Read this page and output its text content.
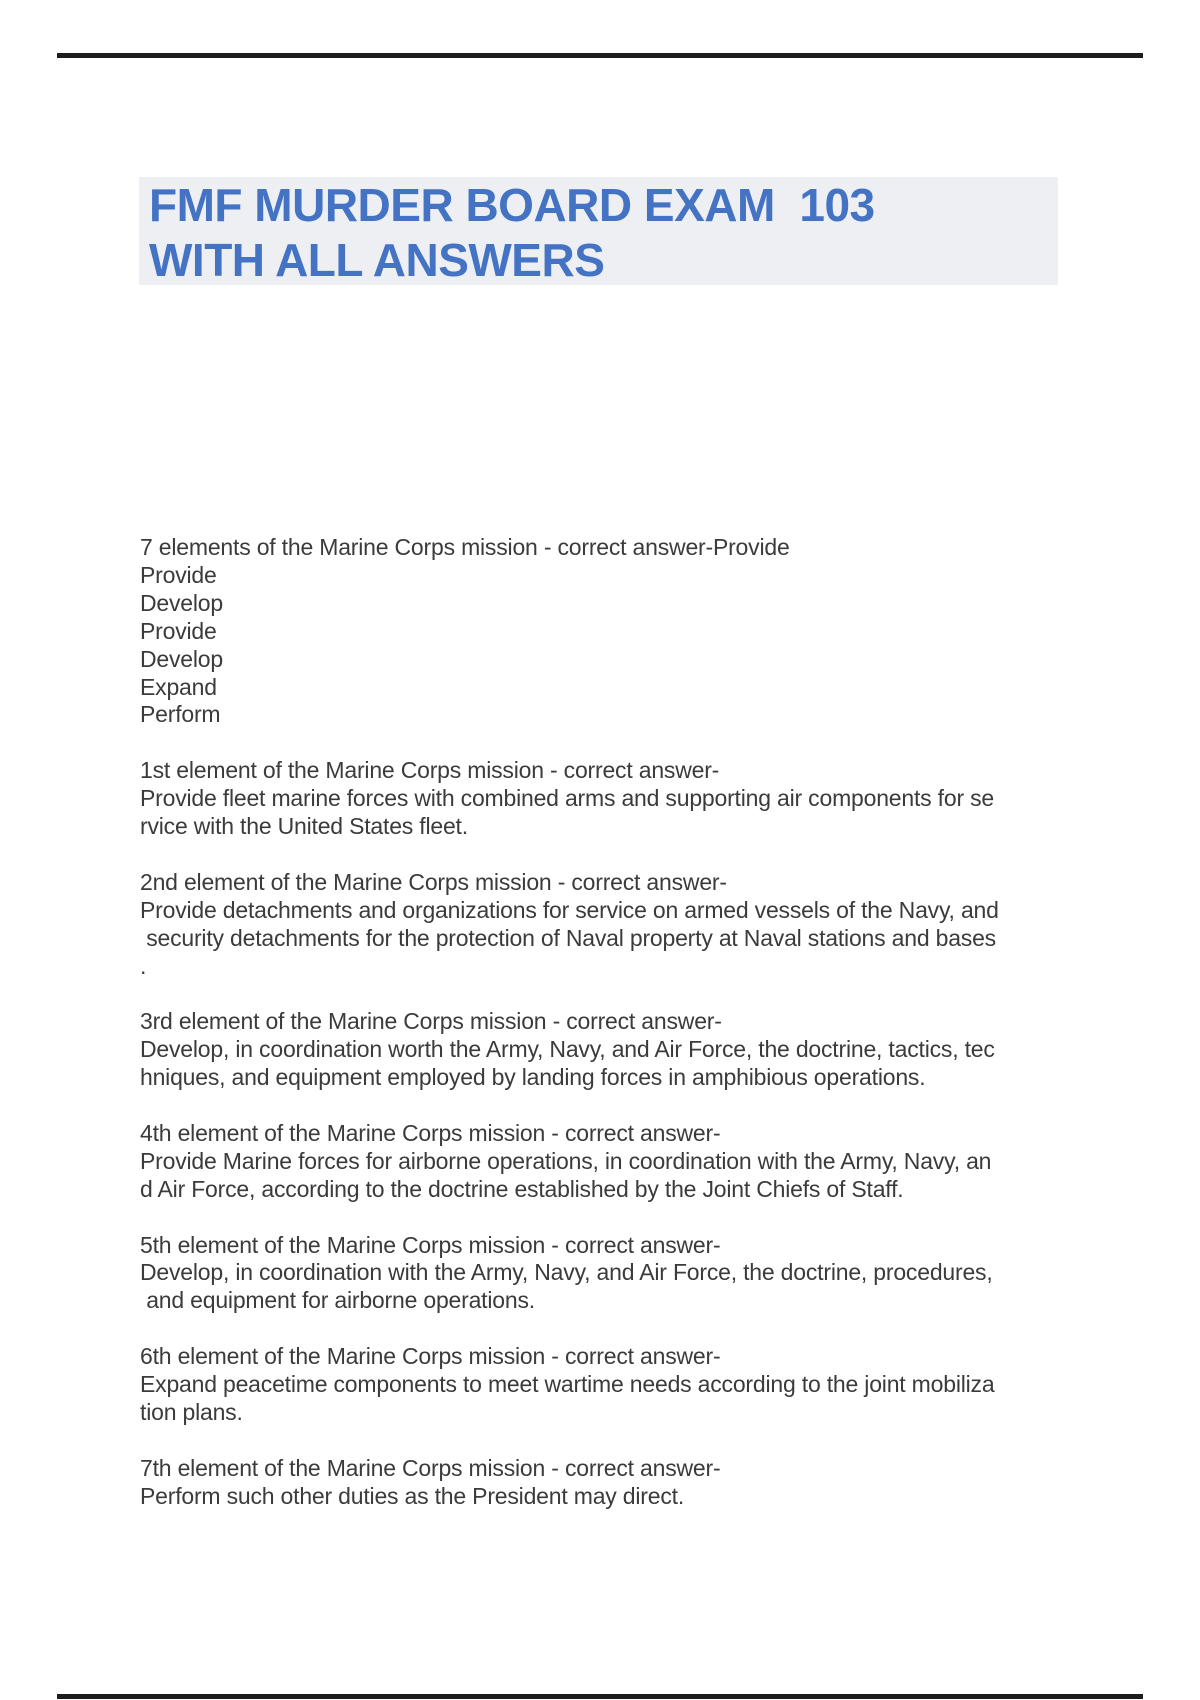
FMF MURDER BOARD EXAM  103
WITH ALL ANSWERS
7 elements of the Marine Corps mission - correct answer-Provide
Provide
Develop
Provide
Develop
Expand
Perform
1st element of the Marine Corps mission - correct answer-
Provide fleet marine forces with combined arms and supporting air components for se
rvice with the United States fleet.
2nd element of the Marine Corps mission - correct answer-
Provide detachments and organizations for service on armed vessels of the Navy, and
security detachments for the protection of Naval property at Naval stations and bases
.
3rd element of the Marine Corps mission - correct answer-
Develop, in coordination worth the Army, Navy, and Air Force, the doctrine, tactics, tec
hniques, and equipment employed by landing forces in amphibious operations.
4th element of the Marine Corps mission - correct answer-
Provide Marine forces for airborne operations, in coordination with the Army, Navy, an
d Air Force, according to the doctrine established by the Joint Chiefs of Staff.
5th element of the Marine Corps mission - correct answer-
Develop, in coordination with the Army, Navy, and Air Force, the doctrine, procedures,
and equipment for airborne operations.
6th element of the Marine Corps mission - correct answer-
Expand peacetime components to meet wartime needs according to the joint mobiliza
tion plans.
7th element of the Marine Corps mission - correct answer-
Perform such other duties as the President may direct.
